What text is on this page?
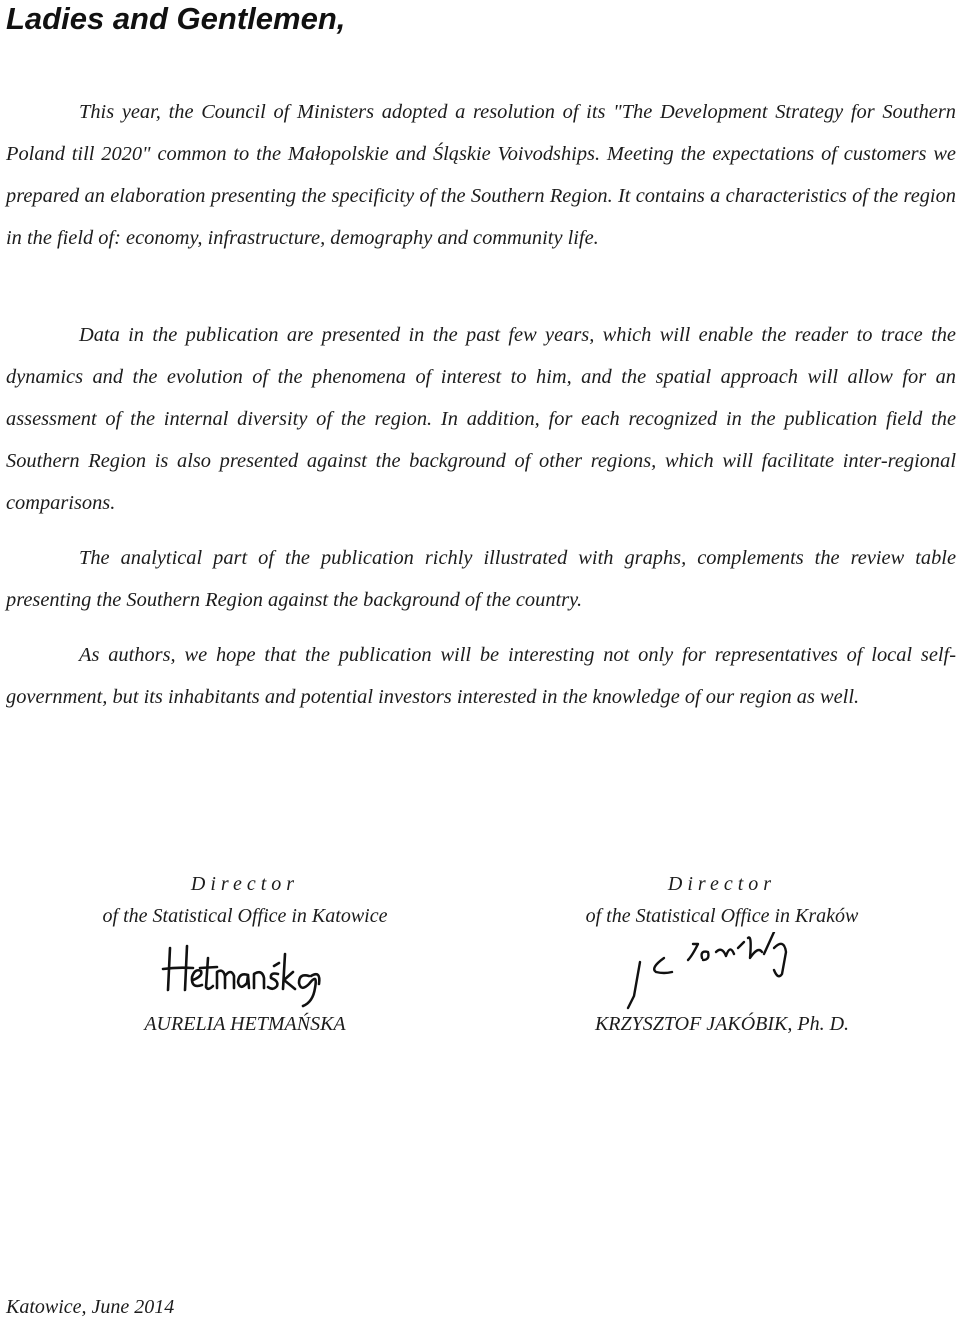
Ladies and Gentlemen,

This year, the Council of Ministers adopted a resolution of its "The Development Strategy for Southern Poland till 2020" common to the Małopolskie and Śląskie Voivodships. Meeting the expectations of customers we prepared an elaboration presenting the specificity of the Southern Region. It contains a characteristics of the region in the field of: economy, infrastructure, demography and community life.

Data in the publication are presented in the past few years, which will enable the reader to trace the dynamics and the evolution of the phenomena of interest to him, and the spatial approach will allow for an assessment of the internal diversity of the region. In addition, for each recognized in the publication field the Southern Region is also presented against the background of other regions, which will facilitate inter-regional comparisons.

The analytical part of the publication richly illustrated with graphs, complements the review table presenting the Southern Region against the background of the country.

As authors, we hope that the publication will be interesting not only for representatives of local self-government, but its inhabitants and potential investors interested in the knowledge of our region as well.

Director
of the Statistical Office in Katowice
AURELIA HETMAŃSKA
Director
of the Statistical Office in Kraków
KRZYSZTOF JAKÓBIK, Ph. D.
Katowice, June 2014
